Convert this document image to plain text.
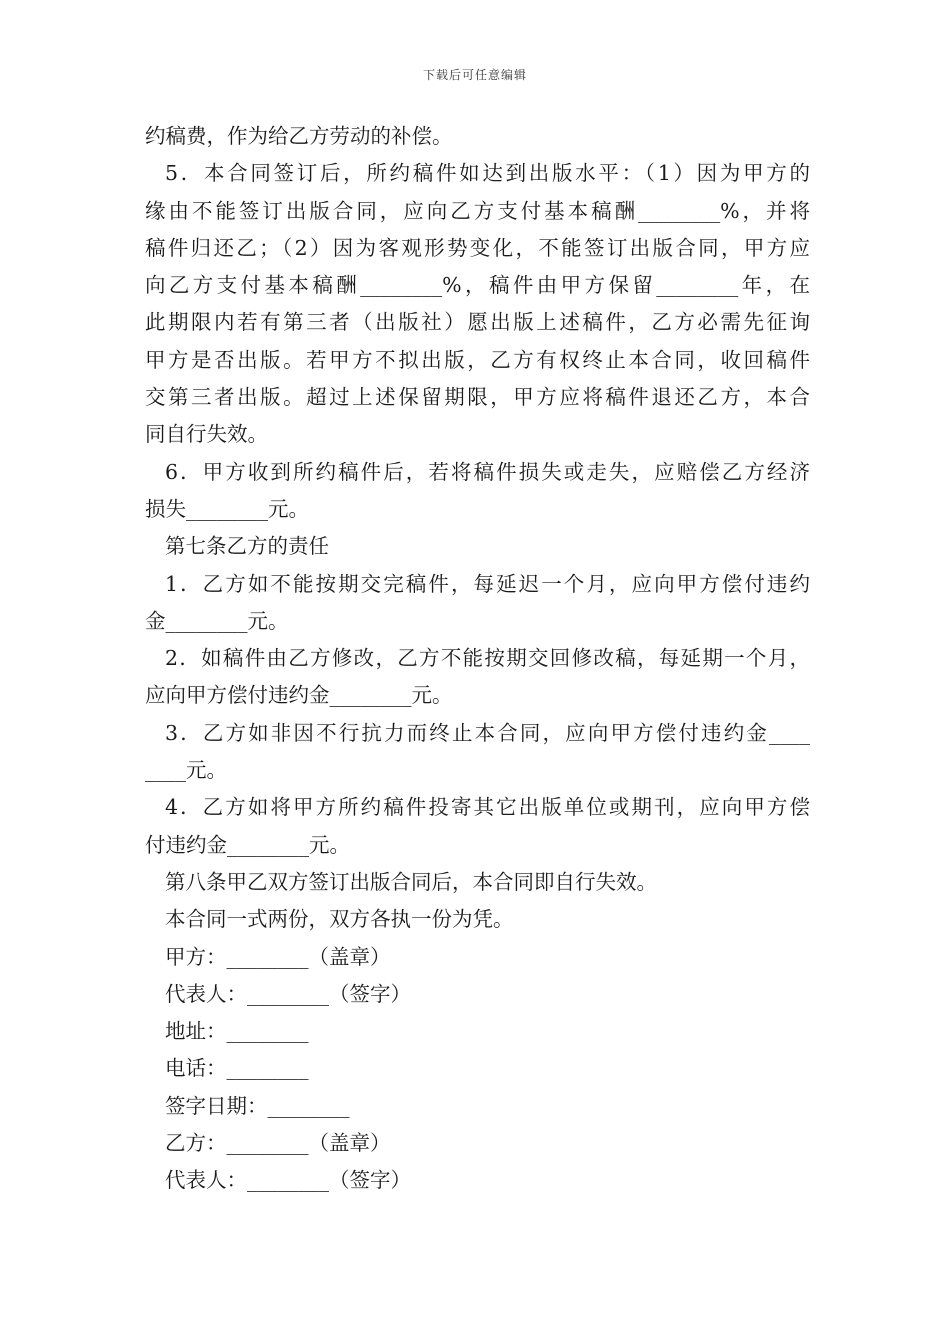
下载后可任意编辑
约稿费，作为给乙方劳动的补偿。
5．本合同签订后，所约稿件如达到出版水平：（1）因为甲方的
缘由不能签订出版合同，应向乙方支付基本稿酬________%，并将
稿件归还乙；（2）因为客观形势变化，不能签订出版合同，甲方应
向乙方支付基本稿酬________%，稿件由甲方保留________年，在
此期限内若有第三者（出版社）愿出版上述稿件，乙方必需先征询
甲方是否出版。若甲方不拟出版，乙方有权终止本合同，收回稿件
交第三者出版。超过上述保留期限，甲方应将稿件退还乙方，本合
同自行失效。
6．甲方收到所约稿件后，若将稿件损失或走失，应赔偿乙方经济
损失________元。
第七条乙方的责任
1．乙方如不能按期交完稿件，每延迟一个月，应向甲方偿付违约
金________元。
2．如稿件由乙方修改，乙方不能按期交回修改稿，每延期一个月，
应向甲方偿付违约金________元。
3．乙方如非因不行抗力而终止本合同，应向甲方偿付违约金____
____元。
4．乙方如将甲方所约稿件投寄其它出版单位或期刊，应向甲方偿
付违约金________元。
第八条甲乙双方签订出版合同后，本合同即自行失效。
本合同一式两份，双方各执一份为凭。
甲方：________（盖章）
代表人：________（签字）
地址：________
电话：________
签字日期：________
乙方：________（盖章）
代表人：________（签字）
